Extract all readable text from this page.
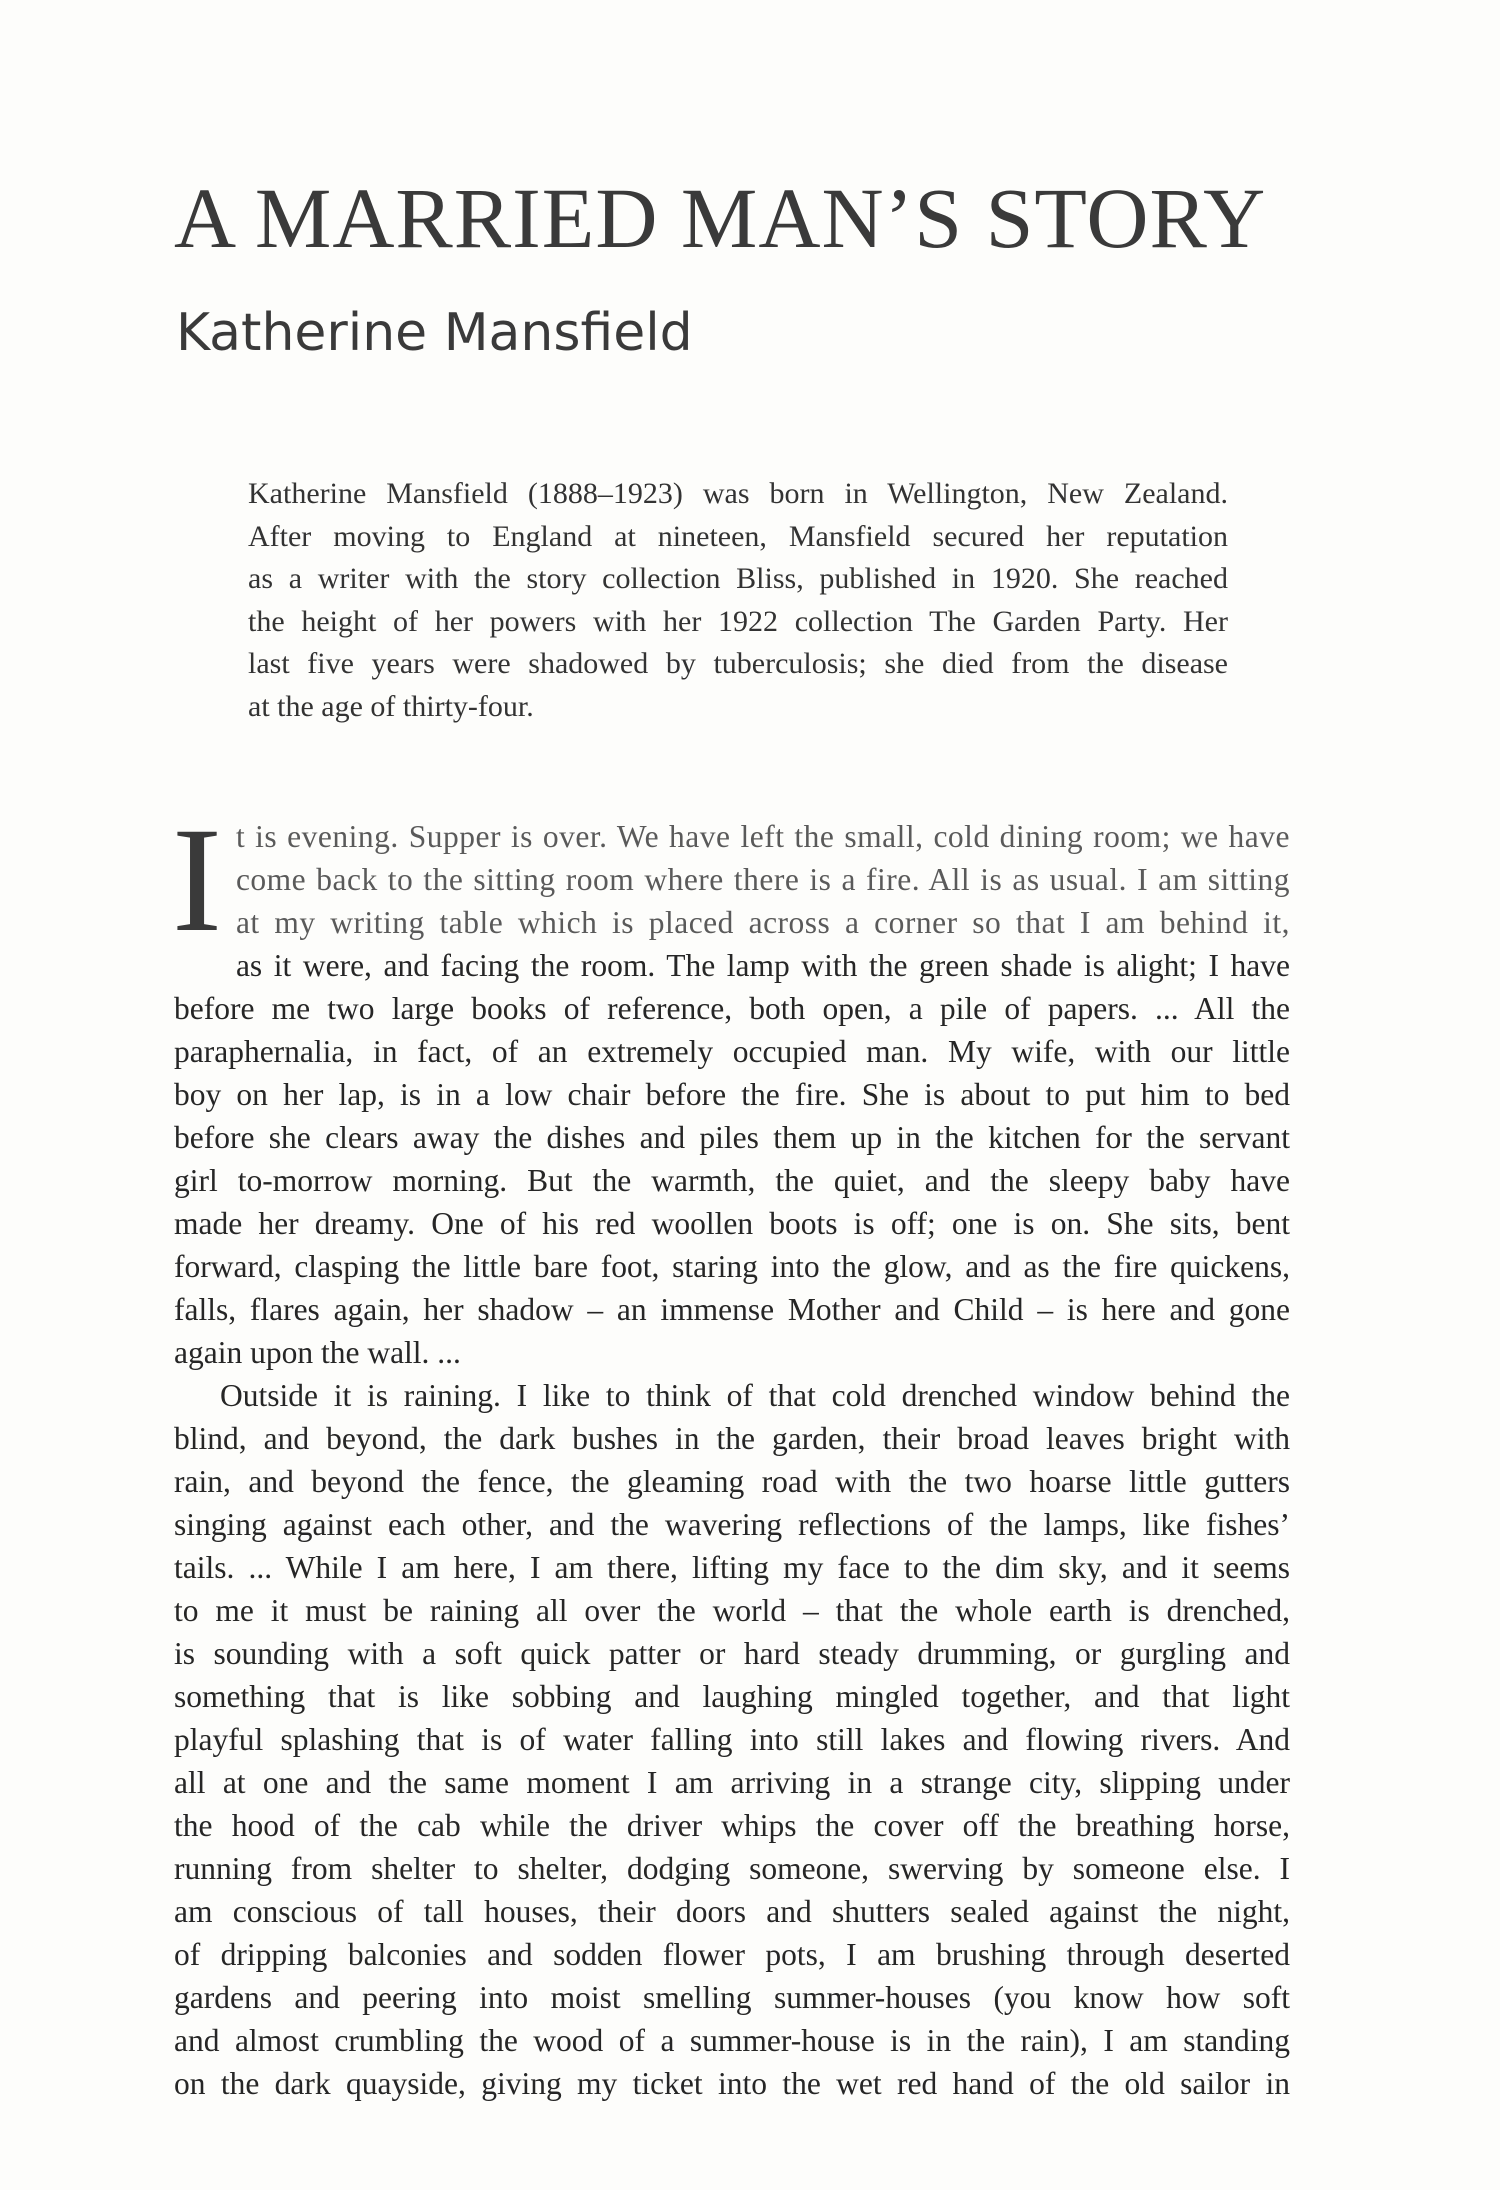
A MARRIED MAN’S STORY
Katherine Mansfield
Katherine Mansfield (1888–1923) was born in Wellington, New Zealand.
After moving to England at nineteen, Mansfield secured her reputation
as a writer with the story collection Bliss, published in 1920. She reached
the height of her powers with her 1922 collection The Garden Party. Her
last five years were shadowed by tuberculosis; she died from the disease
at the age of thirty-four.
I t is evening. Supper is over. We have left the small, cold dining room; we have
come back to the sitting room where there is a fire. All is as usual. I am sitting
at my writing table which is placed across a corner so that I am behind it,
as it were, and facing the room. The lamp with the green shade is alight; I have
before me two large books of reference, both open, a pile of papers. ... All the
paraphernalia, in fact, of an extremely occupied man. My wife, with our little
boy on her lap, is in a low chair before the fire. She is about to put him to bed
before she clears away the dishes and piles them up in the kitchen for the servant
girl to-morrow morning. But the warmth, the quiet, and the sleepy baby have
made her dreamy. One of his red woollen boots is off; one is on. She sits, bent
forward, clasping the little bare foot, staring into the glow, and as the fire quickens,
falls, flares again, her shadow – an immense Mother and Child – is here and gone
again upon the wall. ...
Outside it is raining. I like to think of that cold drenched window behind the
blind, and beyond, the dark bushes in the garden, their broad leaves bright with
rain, and beyond the fence, the gleaming road with the two hoarse little gutters
singing against each other, and the wavering reflections of the lamps, like fishes’
tails. ... While I am here, I am there, lifting my face to the dim sky, and it seems
to me it must be raining all over the world – that the whole earth is drenched,
is sounding with a soft quick patter or hard steady drumming, or gurgling and
something that is like sobbing and laughing mingled together, and that light
playful splashing that is of water falling into still lakes and flowing rivers. And
all at one and the same moment I am arriving in a strange city, slipping under
the hood of the cab while the driver whips the cover off the breathing horse,
running from shelter to shelter, dodging someone, swerving by someone else. I
am conscious of tall houses, their doors and shutters sealed against the night,
of dripping balconies and sodden flower pots, I am brushing through deserted
gardens and peering into moist smelling summer-houses (you know how soft
and almost crumbling the wood of a summer-house is in the rain), I am standing
on the dark quayside, giving my ticket into the wet red hand of the old sailor in
